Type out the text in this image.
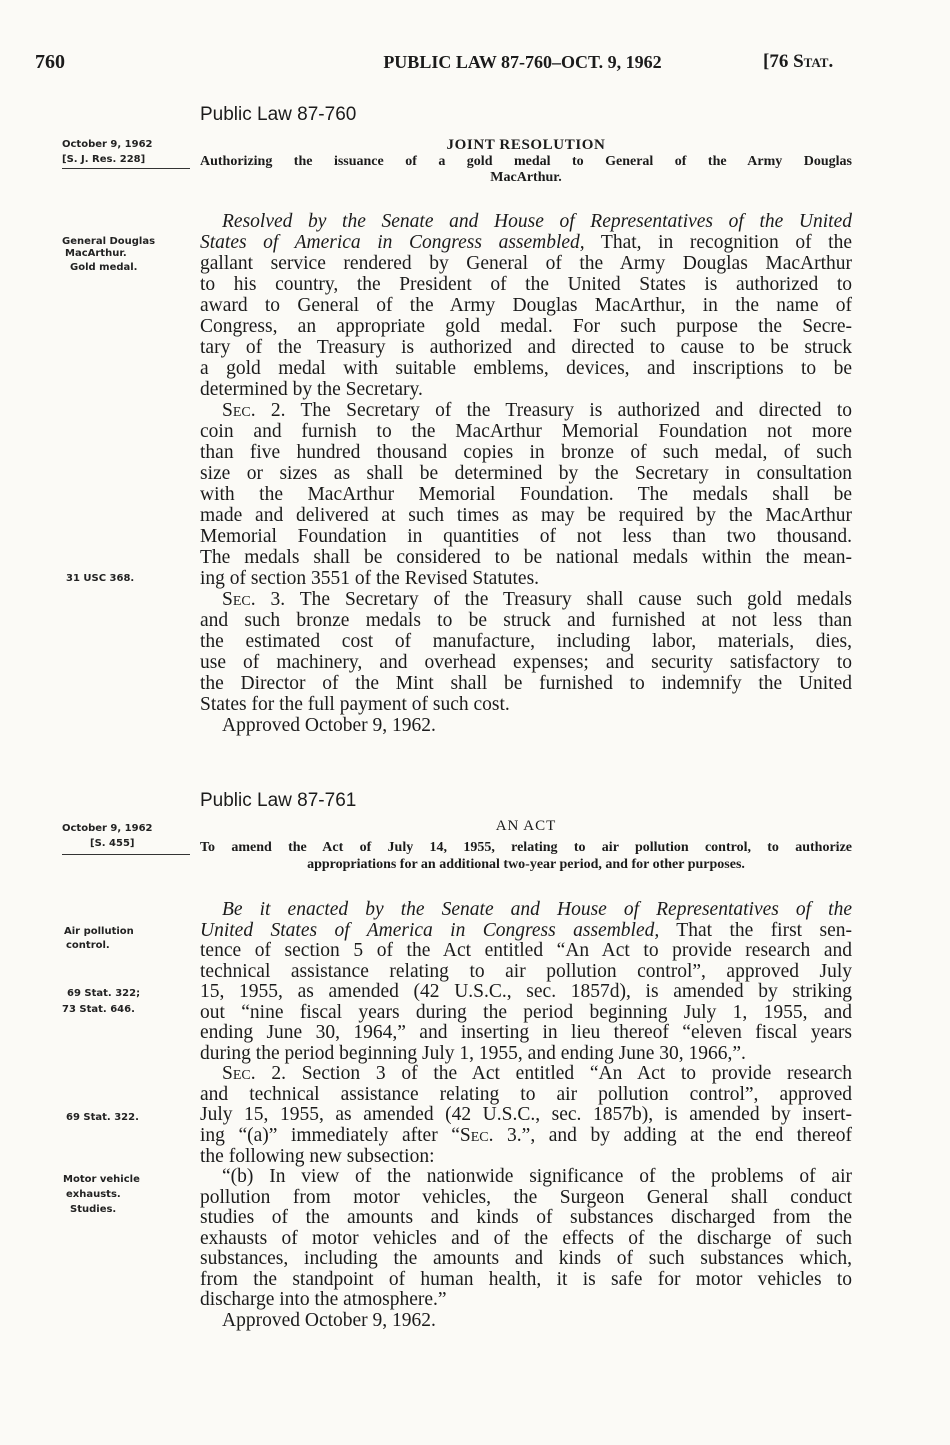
760	PUBLIC LAW 87-760–OCT. 9, 1962	[76 Stat.
Public Law 87-760
October 9, 1962
[S. J. Res. 228]
JOINT RESOLUTION
Authorizing the issuance of a gold medal to General of the Army Douglas
MacArthur.
General Douglas
MacArthur.
Gold medal.
31 USC 368.
Resolved by the Senate and House of Representatives of the United
States of America in Congress assembled, That, in recognition of the
gallant service rendered by General of the Army Douglas MacArthur
to his country, the President of the United States is authorized to
award to General of the Army Douglas MacArthur, in the name of
Congress, an appropriate gold medal. For such purpose the Secre-
tary of the Treasury is authorized and directed to cause to be struck
a gold medal with suitable emblems, devices, and inscriptions to be
determined by the Secretary.
Sec. 2. The Secretary of the Treasury is authorized and directed to
coin and furnish to the MacArthur Memorial Foundation not more
than five hundred thousand copies in bronze of such medal, of such
size or sizes as shall be determined by the Secretary in consultation
with the MacArthur Memorial Foundation. The medals shall be
made and delivered at such times as may be required by the MacArthur
Memorial Foundation in quantities of not less than two thousand.
The medals shall be considered to be national medals within the mean-
ing of section 3551 of the Revised Statutes.
Sec. 3. The Secretary of the Treasury shall cause such gold medals
and such bronze medals to be struck and furnished at not less than
the estimated cost of manufacture, including labor, materials, dies,
use of machinery, and overhead expenses; and security satisfactory to
the Director of the Mint shall be furnished to indemnify the United
States for the full payment of such cost.
Approved October 9, 1962.
Public Law 87-761
October 9, 1962
[S. 455]
AN ACT
To amend the Act of July 14, 1955, relating to air pollution control, to authorize
appropriations for an additional two-year period, and for other purposes.
Air pollution
control.
69 Stat. 322;
73 Stat. 646.
69 Stat. 322.
Motor vehicle
exhausts.
Studies.
Be it enacted by the Senate and House of Representatives of the
United States of America in Congress assembled, That the first sen-
tence of section 5 of the Act entitled “An Act to provide research and
technical assistance relating to air pollution control”, approved July
15, 1955, as amended (42 U.S.C., sec. 1857d), is amended by striking
out “nine fiscal years during the period beginning July 1, 1955, and
ending June 30, 1964,” and inserting in lieu thereof “eleven fiscal years
during the period beginning July 1, 1955, and ending June 30, 1966,”.
Sec. 2. Section 3 of the Act entitled “An Act to provide research
and technical assistance relating to air pollution control”, approved
July 15, 1955, as amended (42 U.S.C., sec. 1857b), is amended by insert-
ing “(a)” immediately after “Sec. 3.”, and by adding at the end thereof
the following new subsection:
“(b) In view of the nationwide significance of the problems of air
pollution from motor vehicles, the Surgeon General shall conduct
studies of the amounts and kinds of substances discharged from the
exhausts of motor vehicles and of the effects of the discharge of such
substances, including the amounts and kinds of such substances which,
from the standpoint of human health, it is safe for motor vehicles to
discharge into the atmosphere.”
Approved October 9, 1962.
